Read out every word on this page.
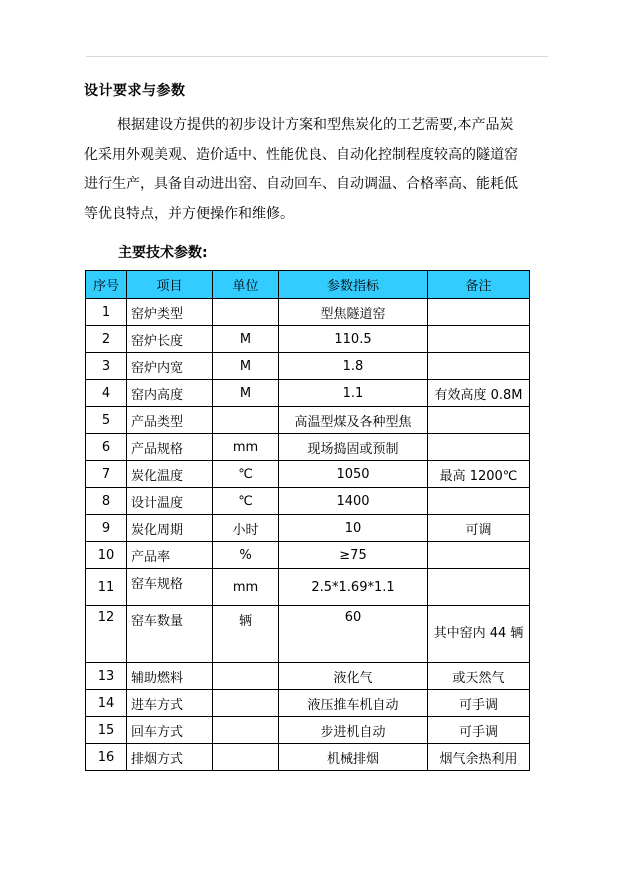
设计要求与参数
根据建设方提供的初步设计方案和型焦炭化的工艺需要,本产品炭
化采用外观美观、造价适中、性能优良、自动化控制程度较高的隧道窑
进行生产，具备自动进出窑、自动回车、自动调温、合格率高、能耗低
等优良特点，并方便操作和维修。
主要技术参数:
序号	项目	单位	参数指标	备注
1	窑炉类型		型焦隧道窑	
2	窑炉长度	M	110.5	
3	窑炉内宽	M	1.8	
4	窑内高度	M	1.1	有效高度 0.8M
5	产品类型		高温型煤及各种型焦	
6	产品规格	mm	现场捣固或预制	
7	炭化温度	℃	1050	最高 1200℃
8	设计温度	℃	1400	
9	炭化周期	小时	10	可调
10	产品率	%	≥75	
11	窑车规格	mm	2.5*1.69*1.1	
12	窑车数量	辆	60	其中窑内 44 辆
13	辅助燃料		液化气	或天然气
14	进车方式		液压推车机自动	可手调
15	回车方式		步进机自动	可手调
16	排烟方式		机械排烟	烟气余热利用
